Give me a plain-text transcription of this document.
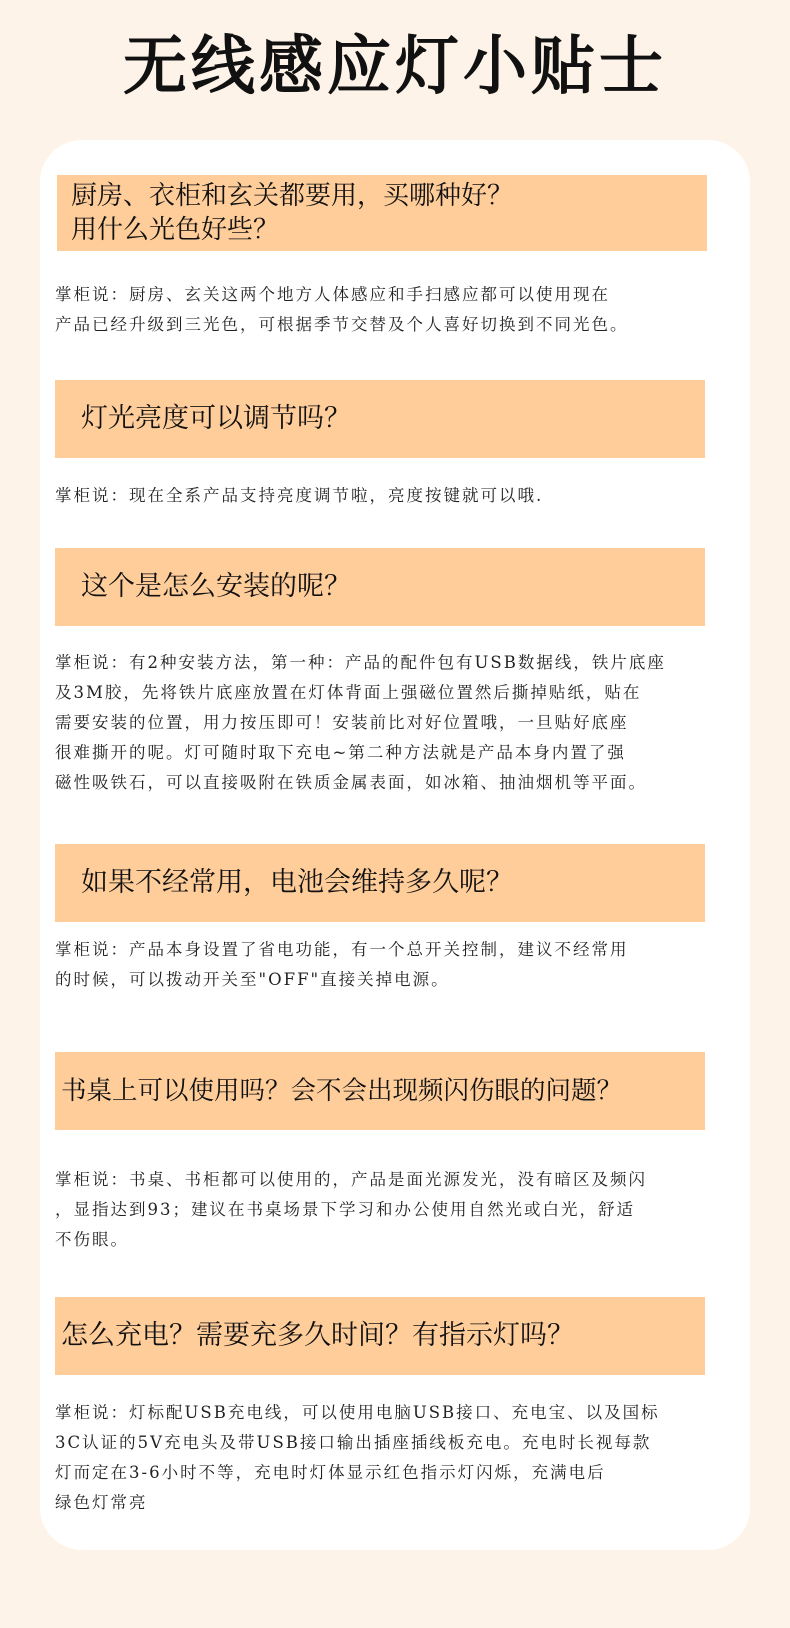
无线感应灯小贴士
厨房、衣柜和玄关都要用，买哪种好？
用什么光色好些？
掌柜说：厨房、玄关这两个地方人体感应和手扫感应都可以使用现在
产品已经升级到三光色，可根据季节交替及个人喜好切换到不同光色。
灯光亮度可以调节吗？
掌柜说：现在全系产品支持亮度调节啦，亮度按键就可以哦.
这个是怎么安装的呢？
掌柜说：有2种安装方法，第一种：产品的配件包有USB数据线，铁片底座
及3M胶，先将铁片底座放置在灯体背面上强磁位置然后撕掉贴纸，贴在
需要安装的位置，用力按压即可！安装前比对好位置哦，一旦贴好底座
很难撕开的呢。灯可随时取下充电~第二种方法就是产品本身内置了强
磁性吸铁石，可以直接吸附在铁质金属表面，如冰箱、抽油烟机等平面。
如果不经常用，电池会维持多久呢？
掌柜说：产品本身设置了省电功能，有一个总开关控制，建议不经常用
的时候，可以拨动开关至"OFF"直接关掉电源。
书桌上可以使用吗？会不会出现频闪伤眼的问题？
掌柜说：书桌、书柜都可以使用的，产品是面光源发光，没有暗区及频闪
，显指达到93；建议在书桌场景下学习和办公使用自然光或白光，舒适
不伤眼。
怎么充电？需要充多久时间？有指示灯吗？
掌柜说：灯标配USB充电线，可以使用电脑USB接口、充电宝、以及国标
3C认证的5V充电头及带USB接口输出插座插线板充电。充电时长视每款
灯而定在3-6小时不等，充电时灯体显示红色指示灯闪烁，充满电后
绿色灯常亮
